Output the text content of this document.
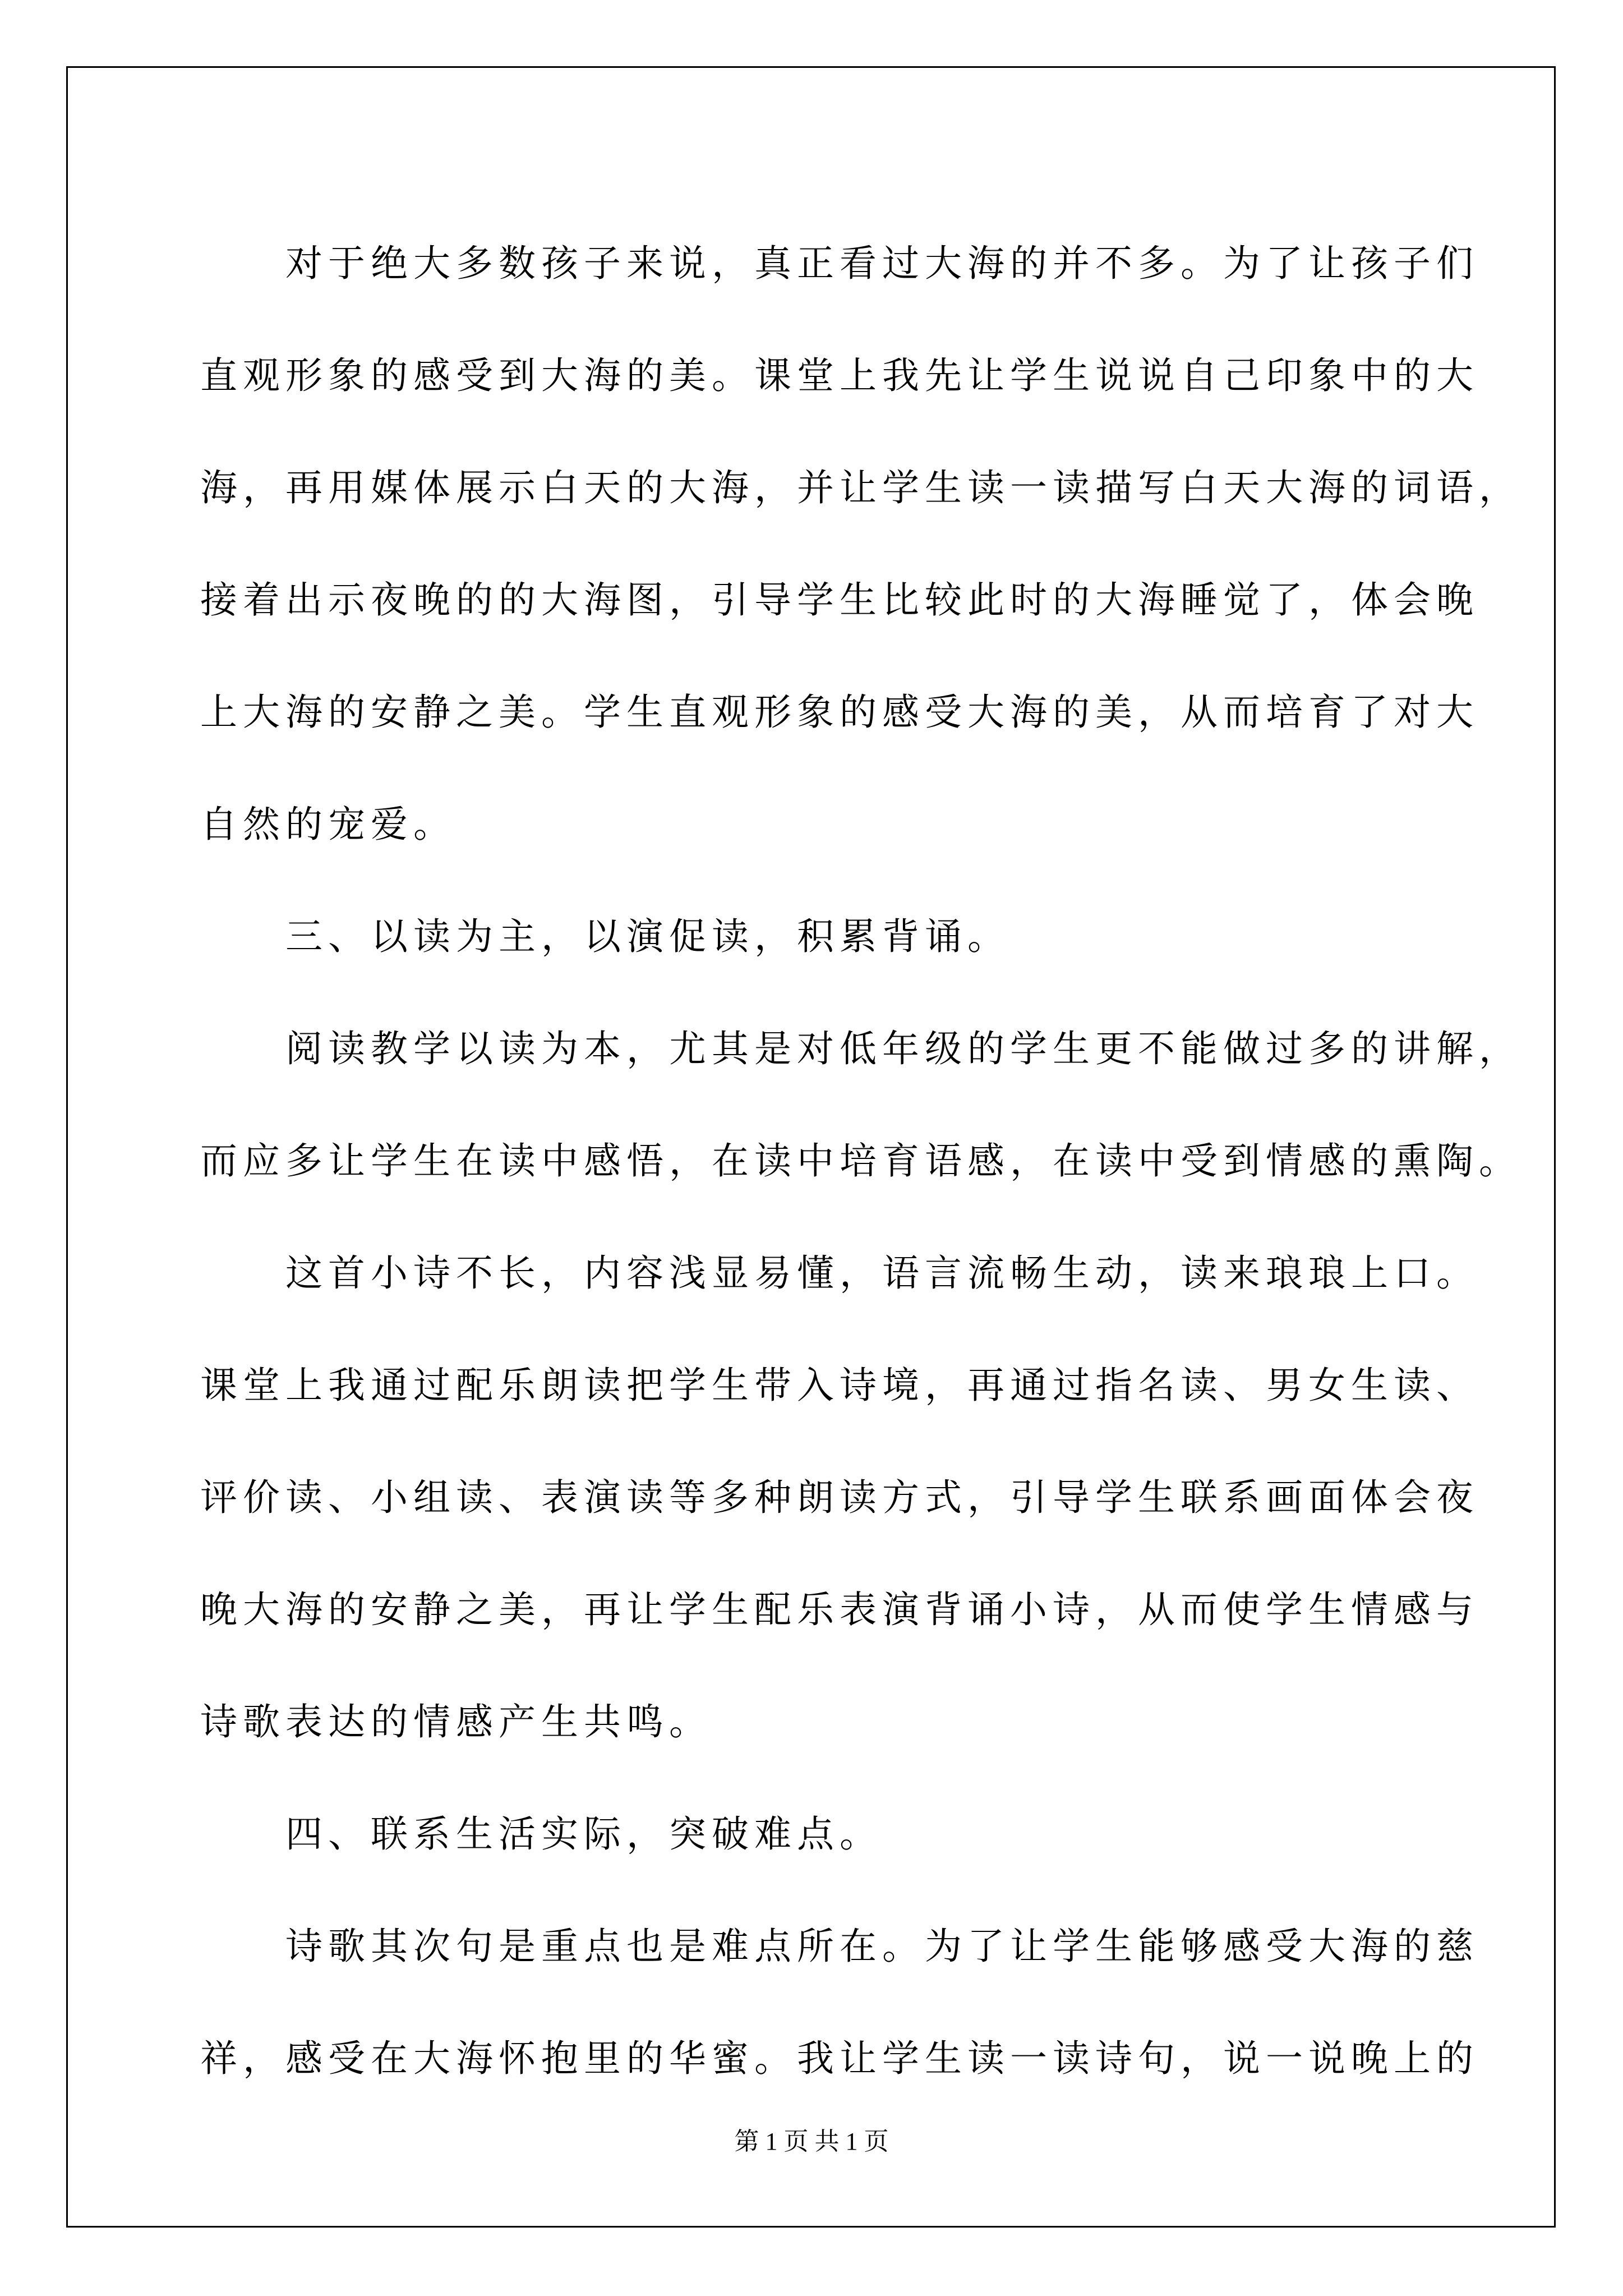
对于绝大多数孩子来说，真正看过大海的并不多。为了让孩子们
直观形象的感受到大海的美。课堂上我先让学生说说自己印象中的大
海，再用媒体展示白天的大海，并让学生读一读描写白天大海的词语，
接着出示夜晚的的大海图，引导学生比较此时的大海睡觉了，体会晚
上大海的安静之美。学生直观形象的感受大海的美，从而培育了对大
自然的宠爱。
三、以读为主，以演促读，积累背诵。
阅读教学以读为本，尤其是对低年级的学生更不能做过多的讲解，
而应多让学生在读中感悟，在读中培育语感，在读中受到情感的熏陶。
这首小诗不长，内容浅显易懂，语言流畅生动，读来琅琅上口。
课堂上我通过配乐朗读把学生带入诗境，再通过指名读、男女生读、
评价读、小组读、表演读等多种朗读方式，引导学生联系画面体会夜
晚大海的安静之美，再让学生配乐表演背诵小诗，从而使学生情感与
诗歌表达的情感产生共鸣。
四、联系生活实际，突破难点。
诗歌其次句是重点也是难点所在。为了让学生能够感受大海的慈
祥，感受在大海怀抱里的华蜜。我让学生读一读诗句，说一说晚上的
第 1 页 共 1 页
